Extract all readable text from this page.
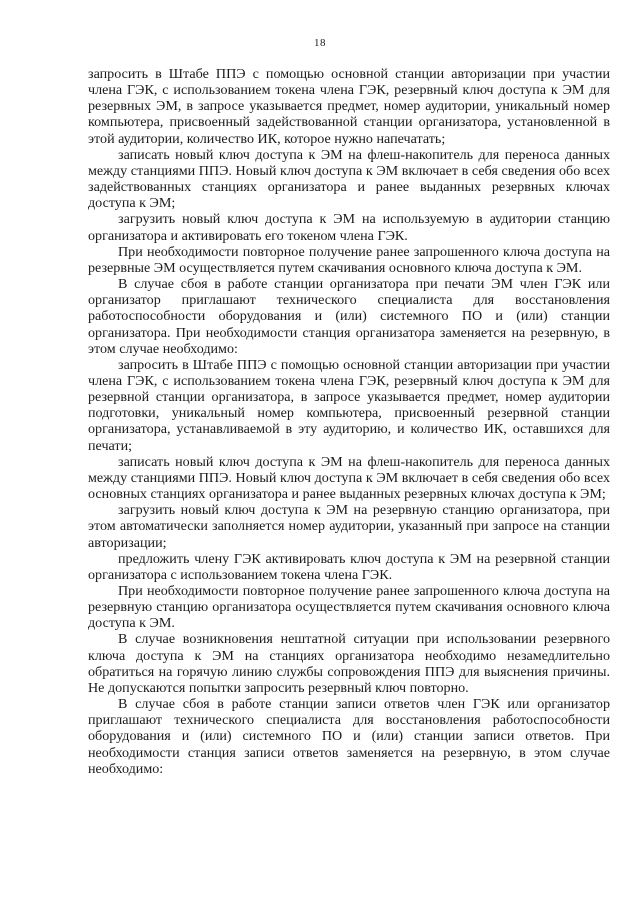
18

запросить в Штабе ППЭ с помощью основной станции авторизации при участии члена ГЭК, с использованием токена члена ГЭК, резервный ключ доступа к ЭМ для резервных ЭМ, в запросе указывается предмет, номер аудитории, уникальный номер компьютера, присвоенный задействованной станции организатора, установленной в этой аудитории, количество ИК, которое нужно напечатать;

записать новый ключ доступа к ЭМ на флеш-накопитель для переноса данных между станциями ППЭ. Новый ключ доступа к ЭМ включает в себя сведения обо всех задействованных станциях организатора и ранее выданных резервных ключах доступа к ЭМ;

загрузить новый ключ доступа к ЭМ на используемую в аудитории станцию организатора и активировать его токеном члена ГЭК.

При необходимости повторное получение ранее запрошенного ключа доступа на резервные ЭМ осуществляется путем скачивания основного ключа доступа к ЭМ.

В случае сбоя в работе станции организатора при печати ЭМ член ГЭК или организатор приглашают технического специалиста для восстановления работоспособности оборудования и (или) системного ПО и (или) станции организатора. При необходимости станция организатора заменяется на резервную, в этом случае необходимо:

запросить в Штабе ППЭ с помощью основной станции авторизации при участии члена ГЭК, с использованием токена члена ГЭК, резервный ключ доступа к ЭМ для резервной станции организатора, в запросе указывается предмет, номер аудитории подготовки, уникальный номер компьютера, присвоенный резервной станции организатора, устанавливаемой в эту аудиторию, и количество ИК, оставшихся для печати;

записать новый ключ доступа к ЭМ на флеш-накопитель для переноса данных между станциями ППЭ. Новый ключ доступа к ЭМ включает в себя сведения обо всех основных станциях организатора и ранее выданных резервных ключах доступа к ЭМ;

загрузить новый ключ доступа к ЭМ на резервную станцию организатора, при этом автоматически заполняется номер аудитории, указанный при запросе на станции авторизации;

предложить члену ГЭК активировать ключ доступа к ЭМ на резервной станции организатора с использованием токена члена ГЭК.

При необходимости повторное получение ранее запрошенного ключа доступа на резервную станцию организатора осуществляется путем скачивания основного ключа доступа к ЭМ.

В случае возникновения нештатной ситуации при использовании резервного ключа доступа к ЭМ на станциях организатора необходимо незамедлительно обратиться на горячую линию службы сопровождения ППЭ для выяснения причины. Не допускаются попытки запросить резервный ключ повторно.

В случае сбоя в работе станции записи ответов член ГЭК или организатор приглашают технического специалиста для восстановления работоспособности оборудования и (или) системного ПО и (или) станции записи ответов. При необходимости станция записи ответов заменяется на резервную, в этом случае необходимо:
